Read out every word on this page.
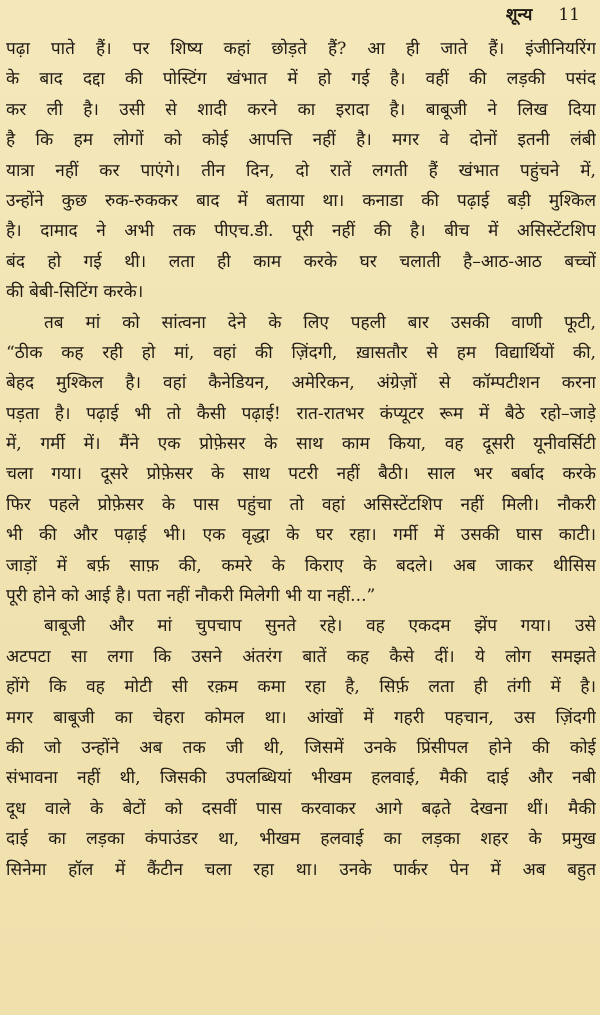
शून्य 11
पढ़ा पाते हैं। पर शिष्य कहां छोड़ते हैं? आ ही जाते हैं। इंजीनियरिंग
के बाद दद्दा की पोस्टिंग खंभात में हो गई है। वहीं की लड़की पसंद
कर ली है। उसी से शादी करने का इरादा है। बाबूजी ने लिख दिया
है कि हम लोगों को कोई आपत्ति नहीं है। मगर वे दोनों इतनी लंबी
यात्रा नहीं कर पाएंगे। तीन दिन, दो रातें लगती हैं खंभात पहुंचने में,
उन्होंने कुछ रुक-रुककर बाद में बताया था। कनाडा की पढ़ाई बड़ी मुश्किल
है। दामाद ने अभी तक पीएच.डी. पूरी नहीं की है। बीच में असिस्टेंटशिप
बंद हो गई थी। लता ही काम करके घर चलाती है–आठ-आठ बच्चों
की बेबी-सिटिंग करके।
तब मां को सांत्वना देने के लिए पहली बार उसकी वाणी फूटी,
“ठीक कह रही हो मां, वहां की ज़िंदगी, ख़ासतौर से हम विद्यार्थियों की,
बेहद मुश्किल है। वहां कैनेडियन, अमेरिकन, अंग्रेज़ों से कॉम्पटीशन करना
पड़ता है। पढ़ाई भी तो कैसी पढ़ाई! रात-रातभर कंप्यूटर रूम में बैठे रहो–जाड़े
में, गर्मी में। मैंने एक प्रोफ़ेसर के साथ काम किया, वह दूसरी यूनीवर्सिटी
चला गया। दूसरे प्रोफ़ेसर के साथ पटरी नहीं बैठी। साल भर बर्बाद करके
फिर पहले प्रोफ़ेसर के पास पहुंचा तो वहां असिस्टेंटशिप नहीं मिली। नौकरी
भी की और पढ़ाई भी। एक वृद्धा के घर रहा। गर्मी में उसकी घास काटी।
जाड़ों में बर्फ़ साफ़ की, कमरे के किराए के बदले। अब जाकर थीसिस
पूरी होने को आई है। पता नहीं नौकरी मिलेगी भी या नहीं...”
बाबूजी और मां चुपचाप सुनते रहे। वह एकदम झेंप गया। उसे
अटपटा सा लगा कि उसने अंतरंग बातें कह कैसे दीं। ये लोग समझते
होंगे कि वह मोटी सी रक़म कमा रहा है, सिर्फ़ लता ही तंगी में है।
मगर बाबूजी का चेहरा कोमल था। आंखों में गहरी पहचान, उस ज़िंदगी
की जो उन्होंने अब तक जी थी, जिसमें उनके प्रिंसीपल होने की कोई
संभावना नहीं थी, जिसकी उपलब्धियां भीखम हलवाई, मैकी दाई और नबी
दूध वाले के बेटों को दसवीं पास करवाकर आगे बढ़ते देखना थीं। मैकी
दाई का लड़का कंपाउंडर था, भीखम हलवाई का लड़का शहर के प्रमुख
सिनेमा हॉल में कैंटीन चला रहा था। उनके पार्कर पेन में अब बहुत
